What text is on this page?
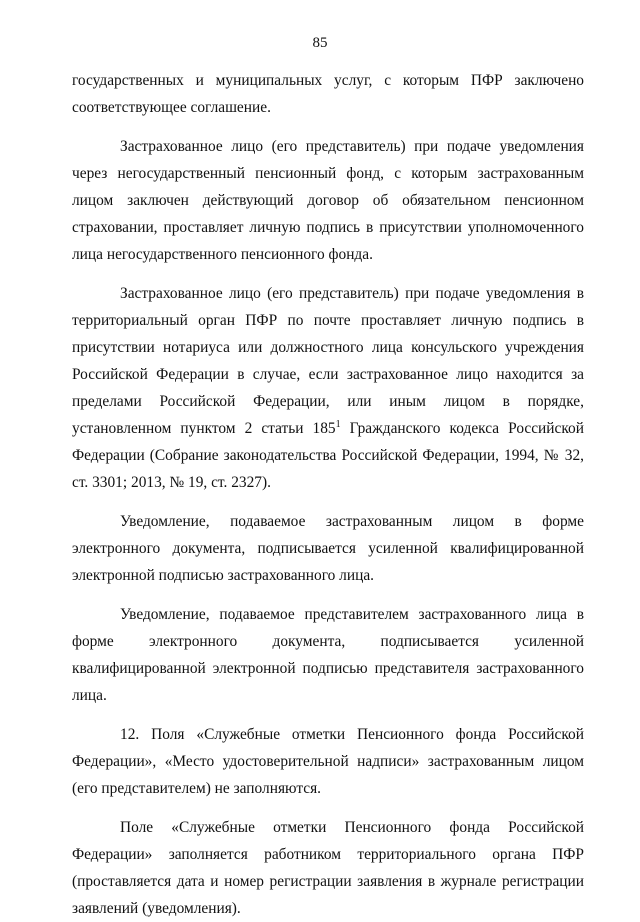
85

государственных и муниципальных услуг, с которым ПФР заключено соответствующее соглашение.

Застрахованное лицо (его представитель) при подаче уведомления через негосударственный пенсионный фонд, с которым застрахованным лицом заключен действующий договор об обязательном пенсионном страховании, проставляет личную подпись в присутствии уполномоченного лица негосударственного пенсионного фонда.

Застрахованное лицо (его представитель) при подаче уведомления в территориальный орган ПФР по почте проставляет личную подпись в присутствии нотариуса или должностного лица консульского учреждения Российской Федерации в случае, если застрахованное лицо находится за пределами Российской Федерации, или иным лицом в порядке, установленном пунктом 2 статьи $185^1$ Гражданского кодекса Российской Федерации (Собрание законодательства Российской Федерации, 1994, № 32, ст. 3301; 2013, № 19, ст. 2327).

Уведомление, подаваемое застрахованным лицом в форме электронного документа, подписывается усиленной квалифицированной электронной подписью застрахованного лица.

Уведомление, подаваемое представителем застрахованного лица в форме электронного документа, подписывается усиленной квалифицированной электронной подписью представителя застрахованного лица.

12. Поля «Служебные отметки Пенсионного фонда Российской Федерации», «Место удостоверительной надписи» застрахованным лицом (его представителем) не заполняются.

Поле «Служебные отметки Пенсионного фонда Российской Федерации» заполняется работником территориального органа ПФР (проставляется дата и номер регистрации заявления в журнале регистрации заявлений (уведомления).
